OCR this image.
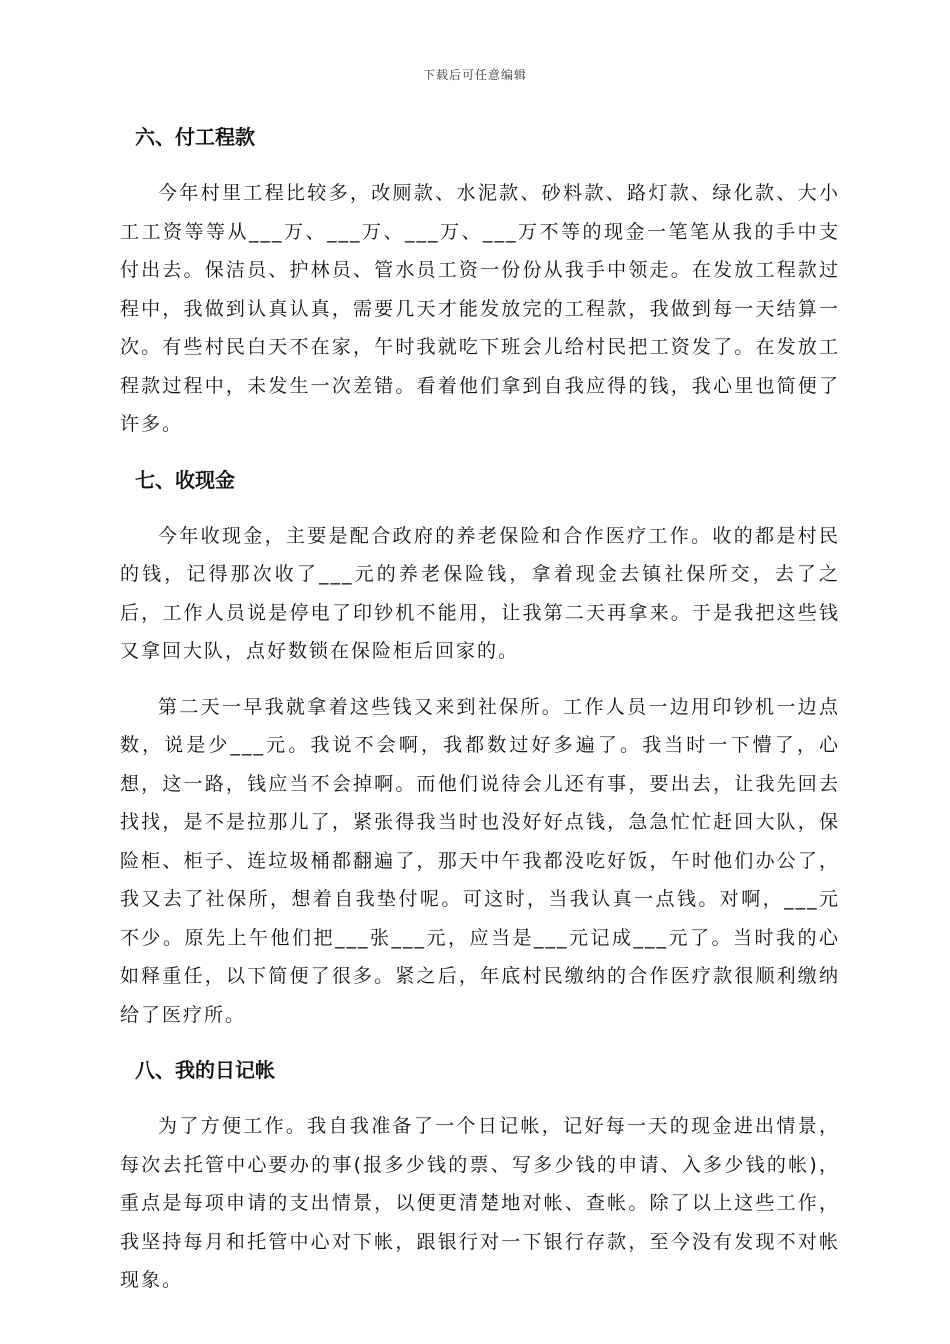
下载后可任意编辑
六、付工程款

今年村里工程比较多，改厕款、水泥款、砂料款、路灯款、绿化款、大小工工资等等从___万、___万、___万、___万不等的现金一笔笔从我的手中支付出去。保洁员、护林员、管水员工资一份份从我手中领走。在发放工程款过程中，我做到认真认真，需要几天才能发放完的工程款，我做到每一天结算一次。有些村民白天不在家，午时我就吃下班会儿给村民把工资发了。在发放工程款过程中，未发生一次差错。看着他们拿到自我应得的钱，我心里也简便了许多。

七、收现金

今年收现金，主要是配合政府的养老保险和合作医疗工作。收的都是村民的钱，记得那次收了___元的养老保险钱，拿着现金去镇社保所交，去了之后，工作人员说是停电了印钞机不能用，让我第二天再拿来。于是我把这些钱又拿回大队，点好数锁在保险柜后回家的。

第二天一早我就拿着这些钱又来到社保所。工作人员一边用印钞机一边点数，说是少___元。我说不会啊，我都数过好多遍了。我当时一下懵了，心想，这一路，钱应当不会掉啊。而他们说待会儿还有事，要出去，让我先回去找找，是不是拉那儿了，紧张得我当时也没好好点钱，急急忙忙赶回大队，保险柜、柜子、连垃圾桶都翻遍了，那天中午我都没吃好饭，午时他们办公了，我又去了社保所，想着自我垫付呢。可这时，当我认真一点钱。对啊，___元不少。原先上午他们把___张___元，应当是___元记成___元了。当时我的心如释重任，以下简便了很多。紧之后，年底村民缴纳的合作医疗款很顺利缴纳给了医疗所。

八、我的日记帐

为了方便工作。我自我准备了一个日记帐，记好每一天的现金进出情景，每次去托管中心要办的事(报多少钱的票、写多少钱的申请、入多少钱的帐)，重点是每项申请的支出情景，以便更清楚地对帐、查帐。除了以上这些工作，我坚持每月和托管中心对下帐，跟银行对一下银行存款，至今没有发现不对帐现象。
